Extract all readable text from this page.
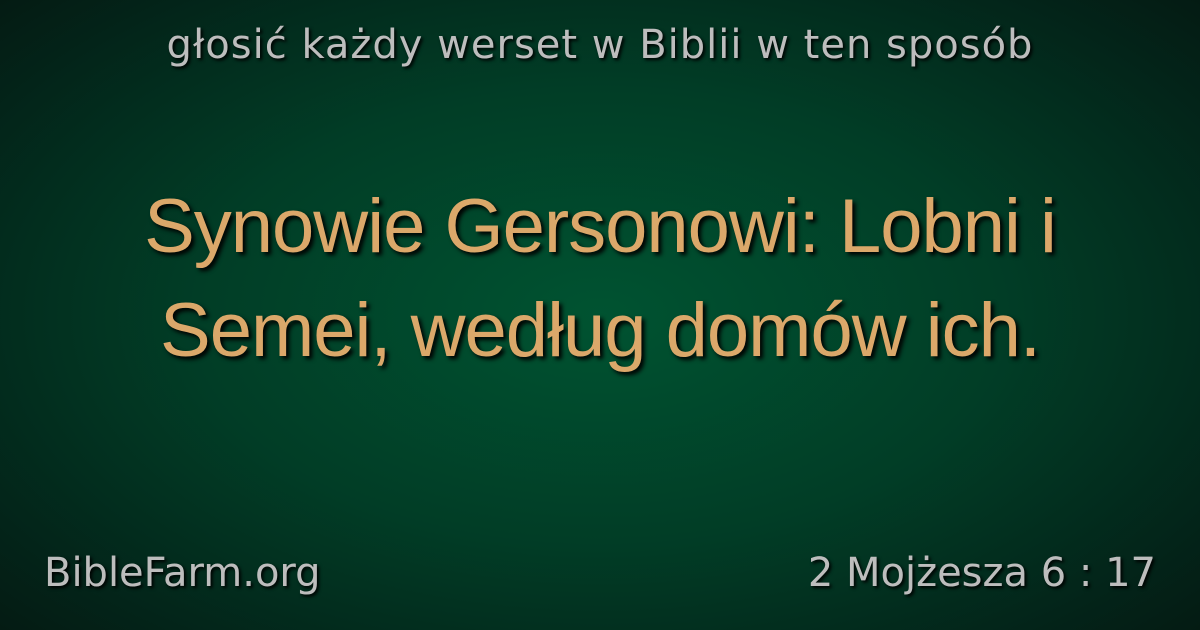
głosić każdy werset w Biblii w ten sposób
Synowie Gersonowi: Lobni i
Semei, według domów ich.
BibleFarm.org	2 Mojżesza 6 : 17
